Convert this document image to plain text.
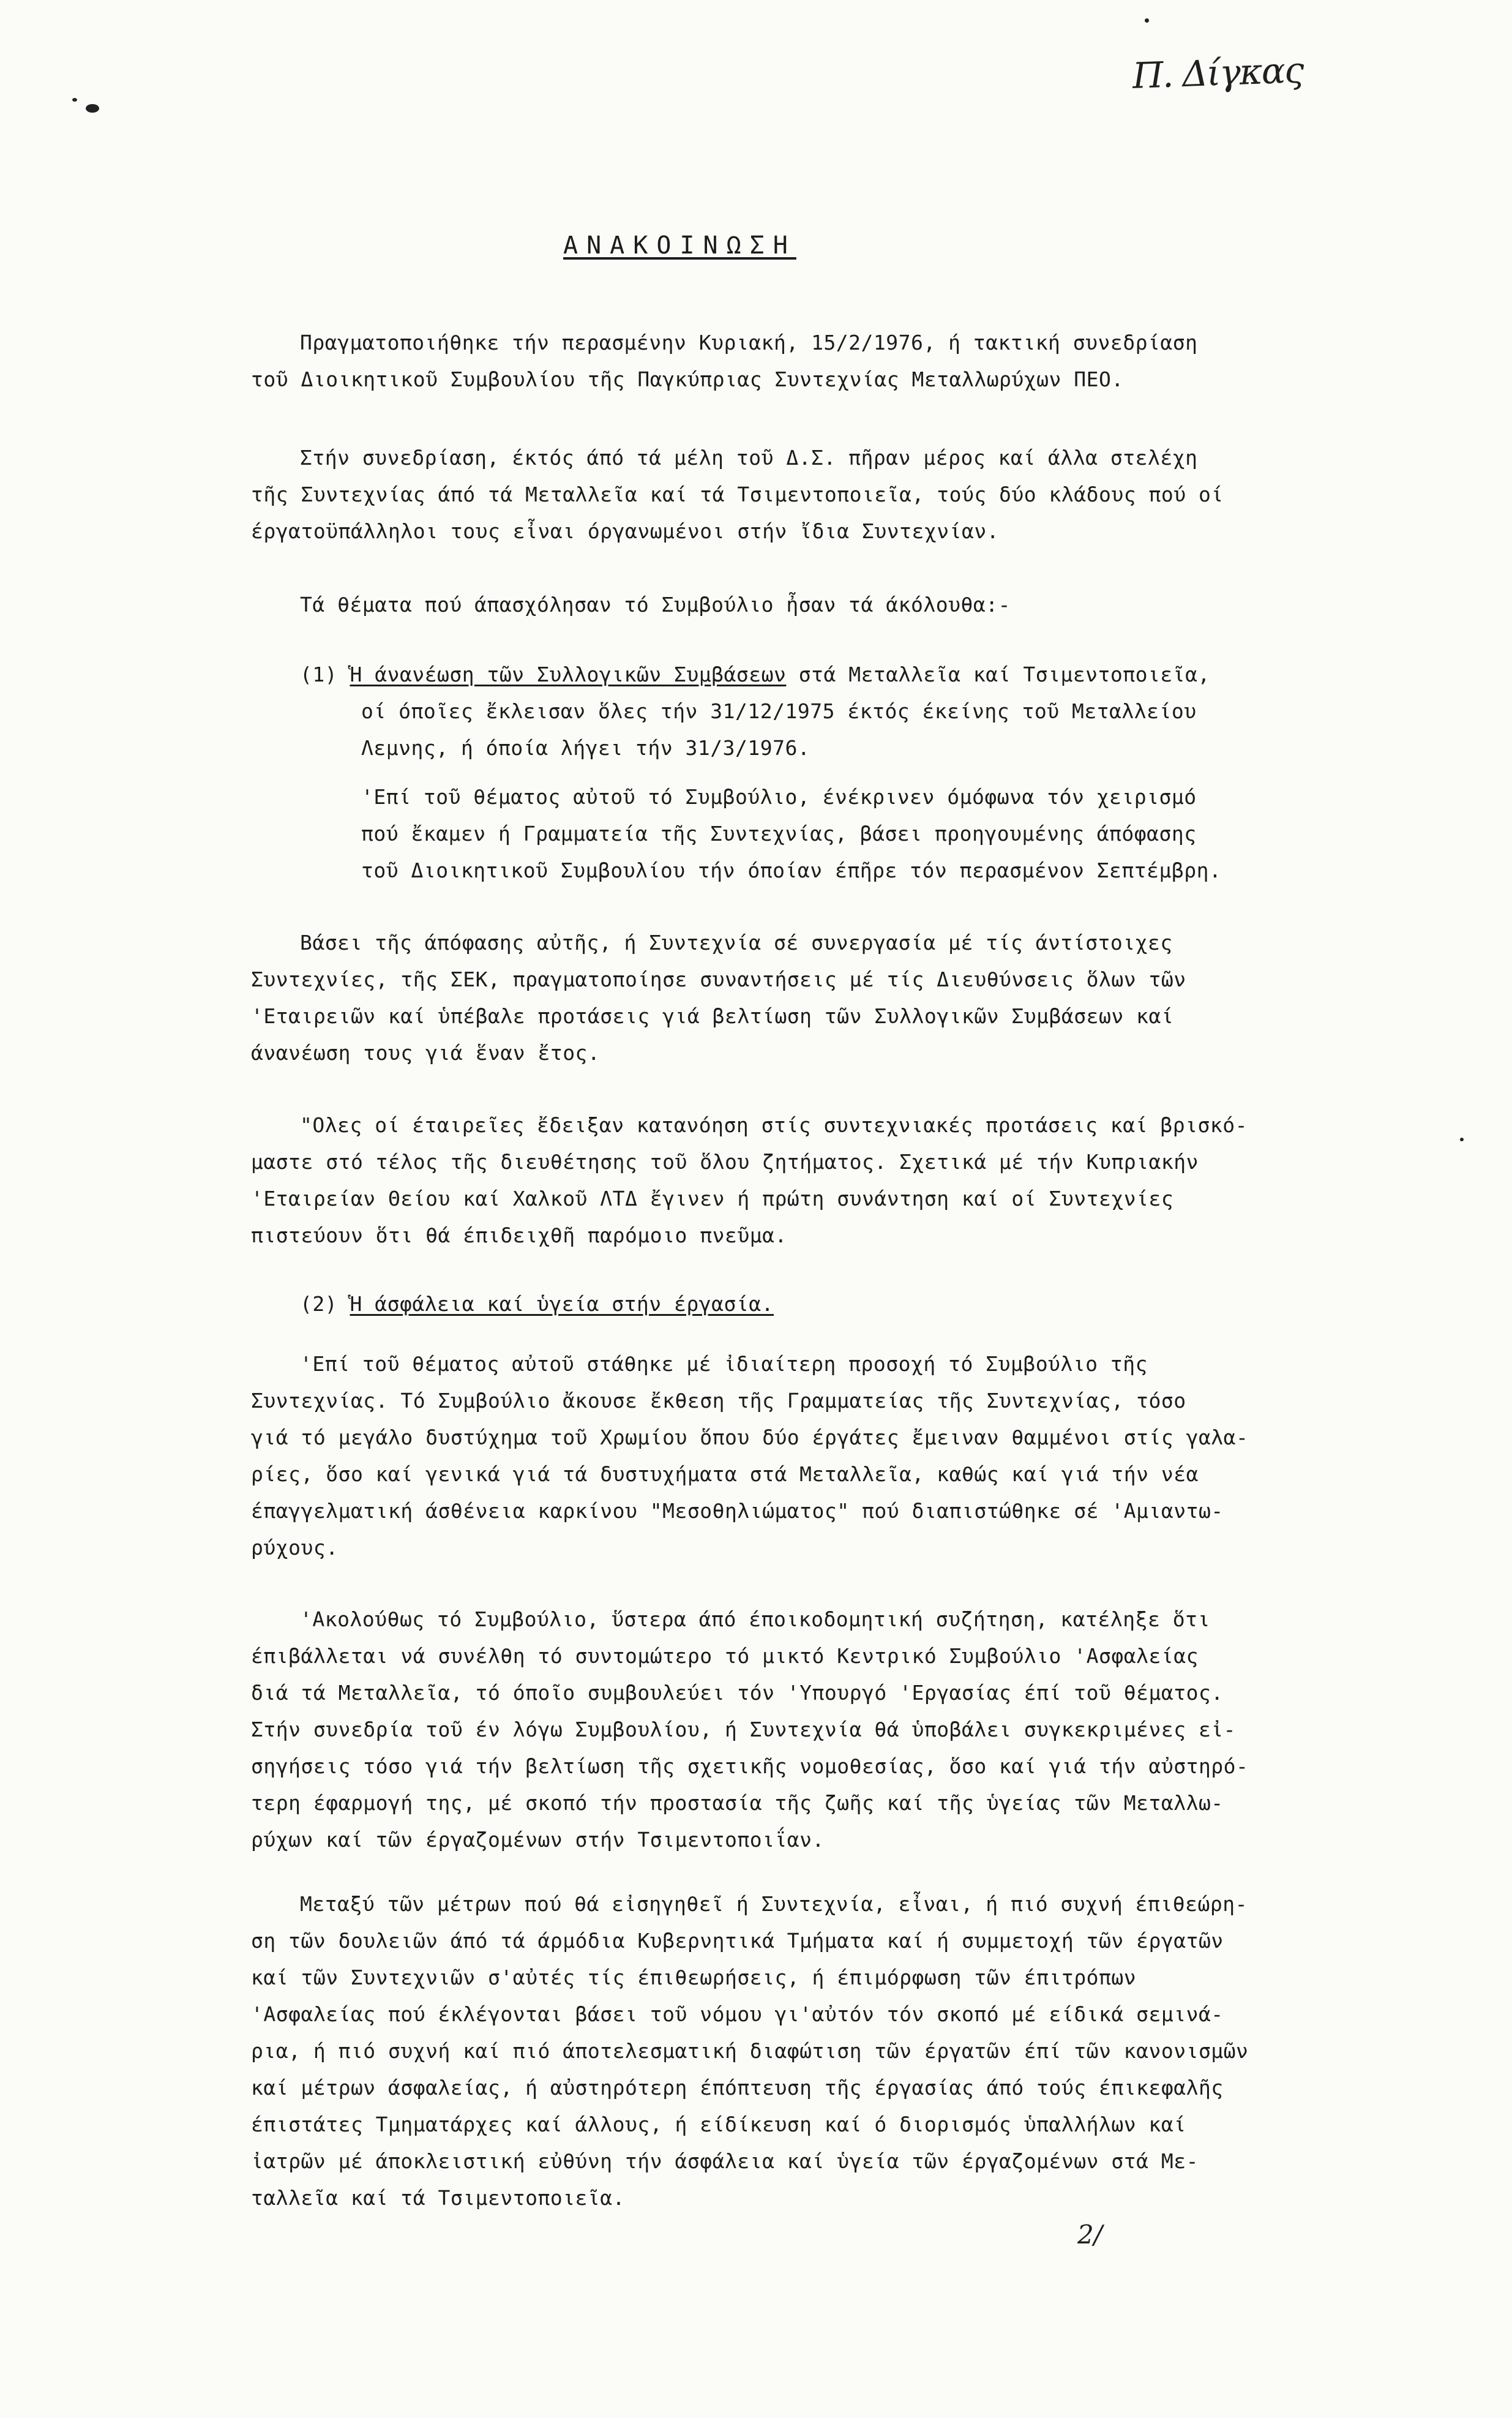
Π. Δίγκας
ΑΝΑΚΟΙΝΩΣΗ
Πραγματοποιήθηκε τήν περασμένην Κυριακή, 15/2/1976, ή τακτική συνεδρίαση
τοῦ Διοικητικοῦ Συμβουλίου τῆς Παγκύπριας Συντεχνίας Μεταλλωρύχων ΠΕΟ.
Στήν συνεδρίαση, έκτός άπό τά μέλη τοῦ Δ.Σ. πῆραν μέρος καί άλλα στελέχη
τῆς Συντεχνίας άπό τά Μεταλλεῖα καί τά Τσιμεντοποιεῖα, τούς δύο κλάδους πού οί
έργατοϋπάλληλοι τους εἶναι όργανωμένοι στήν ἴδια Συντεχνίαν.
Τά θέματα πού άπασχόλησαν τό Συμβούλιο ἦσαν τά άκόλουθα:-
(1) Ἡ άνανέωση τῶν Συλλογικῶν Συμβάσεων στά Μεταλλεῖα καί Τσιμεντοποιεῖα,
οί όποῖες ἔκλεισαν ὅλες τήν 31/12/1975 έκτός έκείνης τοῦ Μεταλλείου
Λεμνης, ή όποία λήγει τήν 31/3/1976.
'Επί τοῦ θέματος αὐτοῦ τό Συμβούλιο, ένέκρινεν όμόφωνα τόν χειρισμό
πού ἔκαμεν ή Γραμματεία τῆς Συντεχνίας, βάσει προηγουμένης άπόφασης
τοῦ Διοικητικοῦ Συμβουλίου τήν όποίαν έπῆρε τόν περασμένον Σεπτέμβρη.
Βάσει τῆς άπόφασης αὐτῆς, ή Συντεχνία σέ συνεργασία μέ τίς άντίστοιχες
Συντεχνίες, τῆς ΣΕΚ, πραγματοποίησε συναντήσεις μέ τίς Διευθύνσεις ὅλων τῶν
'Εταιρειῶν καί ὑπέβαλε προτάσεις γιά βελτίωση τῶν Συλλογικῶν Συμβάσεων καί
άνανέωση τους γιά ἕναν ἔτος.
"Ολες οί έταιρεῖες ἔδειξαν κατανόηση στίς συντεχνιακές προτάσεις καί βρισκό-
μαστε στό τέλος τῆς διευθέτησης τοῦ ὅλου ζητήματος. Σχετικά μέ τήν Κυπριακήν
'Εταιρείαν Θείου καί Χαλκοῦ ΛΤΔ ἔγινεν ή πρώτη συνάντηση καί οί Συντεχνίες
πιστεύουν ὅτι θά έπιδειχθῆ παρόμοιο πνεῦμα.
(2) Ἡ άσφάλεια καί ὑγεία στήν έργασία.
'Επί τοῦ θέματος αὐτοῦ στάθηκε μέ ἰδιαίτερη προσοχή τό Συμβούλιο τῆς
Συντεχνίας. Τό Συμβούλιο ἄκουσε ἔκθεση τῆς Γραμματείας τῆς Συντεχνίας, τόσο
γιά τό μεγάλο δυστύχημα τοῦ Χρωμίου ὅπου δύο έργάτες ἔμειναν θαμμένοι στίς γαλα-
ρίες, ὅσο καί γενικά γιά τά δυστυχήματα στά Μεταλλεῖα, καθώς καί γιά τήν νέα
έπαγγελματική άσθένεια καρκίνου "Μεσοθηλιώματος" πού διαπιστώθηκε σέ 'Αμιαντω-
ρύχους.
'Ακολούθως τό Συμβούλιο, ὕστερα άπό έποικοδομητική συζήτηση, κατέληξε ὅτι
έπιβάλλεται νά συνέλθη τό συντομώτερο τό μικτό Κεντρικό Συμβούλιο 'Ασφαλείας
διά τά Μεταλλεῖα, τό όποῖο συμβουλεύει τόν 'Υπουργό 'Εργασίας έπί τοῦ θέματος.
Στήν συνεδρία τοῦ έν λόγω Συμβουλίου, ή Συντεχνία θά ὑποβάλει συγκεκριμένες εἰ-
σηγήσεις τόσο γιά τήν βελτίωση τῆς σχετικῆς νομοθεσίας, ὅσο καί γιά τήν αὐστηρό-
τερη έφαρμογή της, μέ σκοπό τήν προστασία τῆς ζωῆς καί τῆς ὑγείας τῶν Μεταλλω-
ρύχων καί τῶν έργαζομένων στήν Τσιμεντοποιΐαν.
Μεταξύ τῶν μέτρων πού θά εἰσηγηθεῖ ή Συντεχνία, εἶναι, ή πιό συχνή έπιθεώρη-
ση τῶν δουλειῶν άπό τά άρμόδια Κυβερνητικά Τμήματα καί ή συμμετοχή τῶν έργατῶν
καί τῶν Συντεχνιῶν σ'αὐτές τίς έπιθεωρήσεις, ή έπιμόρφωση τῶν έπιτρόπων
'Ασφαλείας πού έκλέγονται βάσει τοῦ νόμου γι'αὐτόν τόν σκοπό μέ είδικά σεμινά-
ρια, ή πιό συχνή καί πιό άποτελεσματική διαφώτιση τῶν έργατῶν έπί τῶν κανονισμῶν
καί μέτρων άσφαλείας, ή αὐστηρότερη έπόπτευση τῆς έργασίας άπό τούς έπικεφαλῆς
έπιστάτες Τμηματάρχες καί άλλους, ή είδίκευση καί ό διορισμός ὑπαλλήλων καί
ἰατρῶν μέ άποκλειστική εὐθύνη τήν άσφάλεια καί ὑγεία τῶν έργαζομένων στά Με-
ταλλεῖα καί τά Τσιμεντοποιεῖα.
2/
